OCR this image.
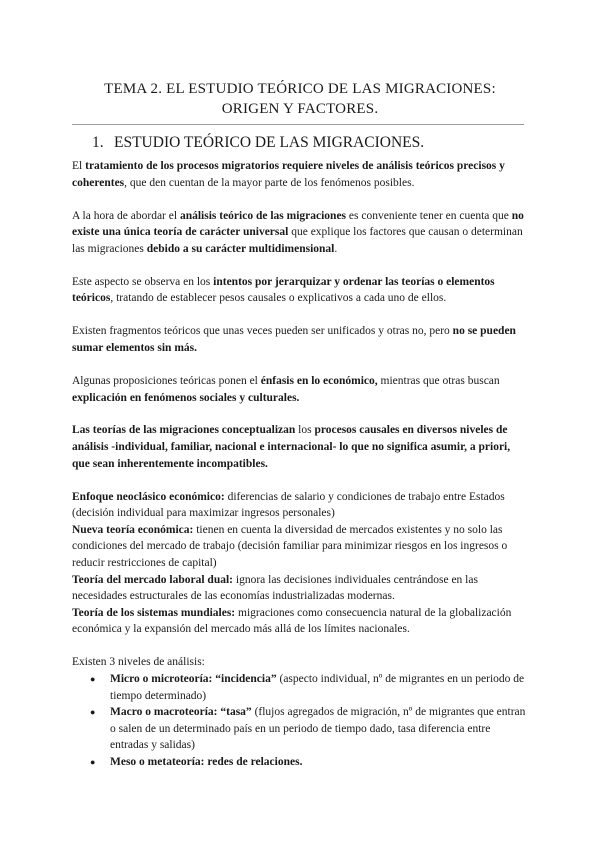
TEMA 2. EL ESTUDIO TEÓRICO DE LAS MIGRACIONES:
ORIGEN Y FACTORES.
1. ESTUDIO TEÓRICO DE LAS MIGRACIONES.

El tratamiento de los procesos migratorios requiere niveles de análisis teóricos precisos y coherentes, que den cuentan de la mayor parte de los fenómenos posibles.

A la hora de abordar el análisis teórico de las migraciones es conveniente tener en cuenta que no existe una única teoría de carácter universal que explique los factores que causan o determinan las migraciones debido a su carácter multidimensional.

Este aspecto se observa en los intentos por jerarquizar y ordenar las teorías o elementos teóricos, tratando de establecer pesos causales o explicativos a cada uno de ellos.

Existen fragmentos teóricos que unas veces pueden ser unificados y otras no, pero no se pueden sumar elementos sin más.

Algunas proposiciones teóricas ponen el énfasis en lo económico, mientras que otras buscan explicación en fenómenos sociales y culturales.

Las teorías de las migraciones conceptualizan los procesos causales en diversos niveles de análisis -individual, familiar, nacional e internacional- lo que no significa asumir, a priori, que sean inherentemente incompatibles.

Enfoque neoclásico económico: diferencias de salario y condiciones de trabajo entre Estados (decisión individual para maximizar ingresos personales)
Nueva teoría económica: tienen en cuenta la diversidad de mercados existentes y no solo las condiciones del mercado de trabajo (decisión familiar para minimizar riesgos en los ingresos o reducir restricciones de capital)
Teoría del mercado laboral dual: ignora las decisiones individuales centrándose en las necesidades estructurales de las economías industrializadas modernas.
Teoría de los sistemas mundiales: migraciones como consecuencia natural de la globalización económica y la expansión del mercado más allá de los límites nacionales.
Existen 3 niveles de análisis:
● Micro o microteoría: “incidencia” (aspecto individual, nº de migrantes en un periodo de tiempo determinado)
● Macro o macroteoría: “tasa” (flujos agregados de migración, nº de migrantes que entran o salen de un determinado país en un periodo de tiempo dado, tasa diferencia entre entradas y salidas)
● Meso o metateoría: redes de relaciones.
